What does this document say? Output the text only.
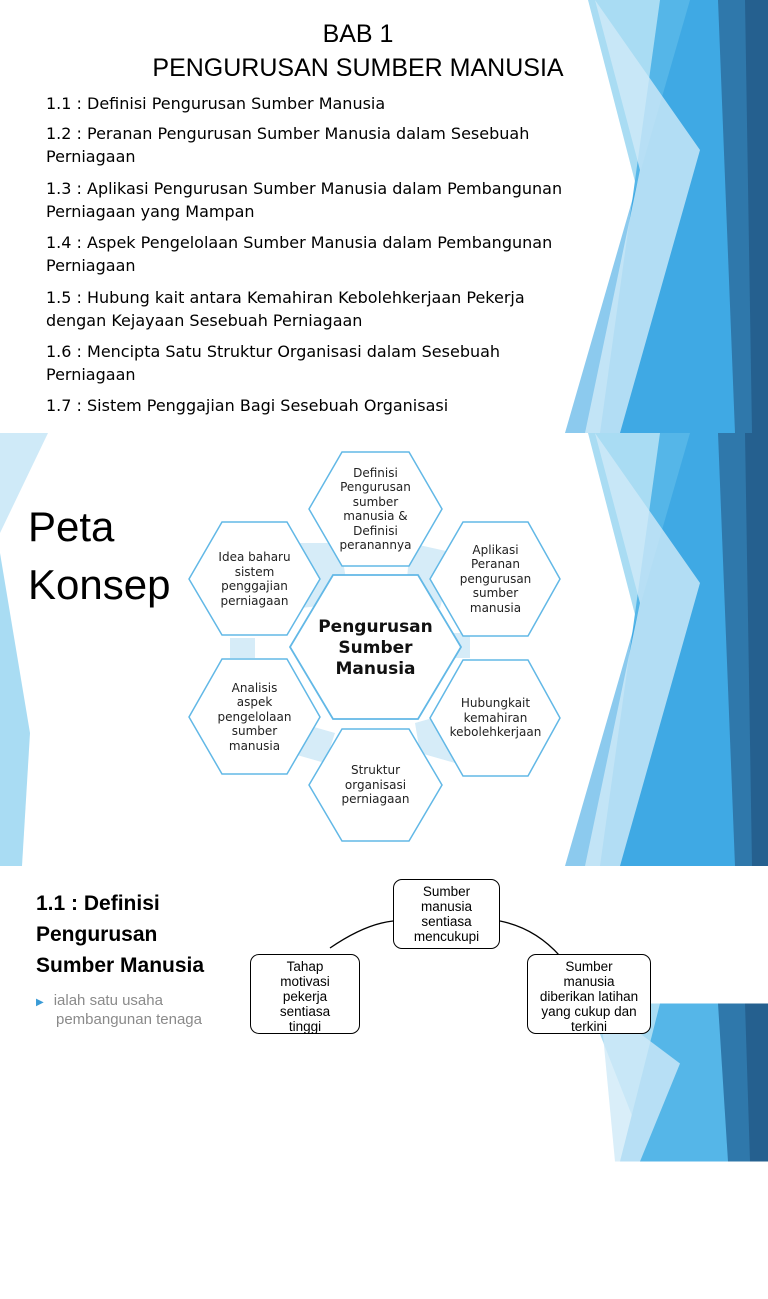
BAB 1
PENGURUSAN SUMBER MANUSIA
1.1 : Definisi Pengurusan Sumber Manusia
1.2 : Peranan Pengurusan Sumber Manusia dalam Sesebuah
Perniagaan
1.3 : Aplikasi Pengurusan Sumber Manusia dalam Pembangunan
Perniagaan yang Mampan
1.4 : Aspek Pengelolaan Sumber Manusia dalam Pembangunan
Perniagaan
1.5 : Hubung kait antara Kemahiran Kebolehkerjaan Pekerja
dengan Kejayaan Sesebuah Perniagaan
1.6 : Mencipta Satu Struktur Organisasi dalam Sesebuah
Perniagaan
1.7 : Sistem Penggajian Bagi Sesebuah Organisasi
Peta
Konsep
Definisi
Pengurusan
sumber
manusia &
Definisi
peranannya	Aplikasi
Peranan
pengurusan
sumber
manusia
Hubungkait
kemahiran
kebolehkerjaan
Struktur
organisasi
perniagaan
Analisis
aspek
pengelolaan
sumber
manusia
Idea baharu
sistem
penggajian
perniagaan
Pengurusan
Sumber
Manusia
1.1 : Definisi
Pengurusan
Sumber Manusia
▶ ialah satu usaha
pembangunan tenaga
Sumber
manusia
sentiasa
mencukupi
Tahap
motivasi
pekerja
sentiasa
tinggi
Sumber
manusia
diberikan latihan
yang cukup dan
terkini
